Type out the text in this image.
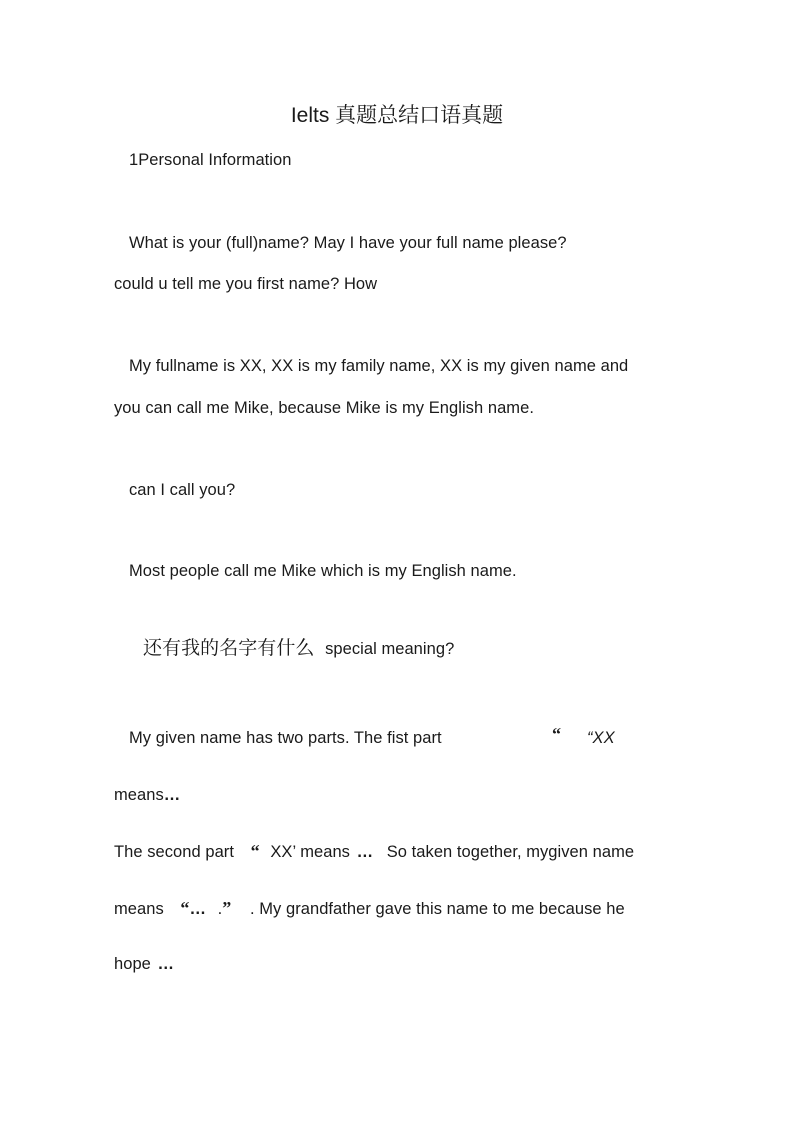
Ielts 真题总结口语真题
1Personal Information
What is your (full)name? May I have your full name please?
could u tell me you first name? How
My fullname is XX, XX is my family name, XX is my given name and
you can call me Mike, because Mike is my English name.
can I call you?
Most people call me Mike which is my English name.
还有我的名字有什么 special meaning?
My given name has two parts. The fist part	“ “XX
means…
The second part “ XX’ means … So taken together, mygiven name
means “… .” . My grandfather gave this name to me because he
hope …
